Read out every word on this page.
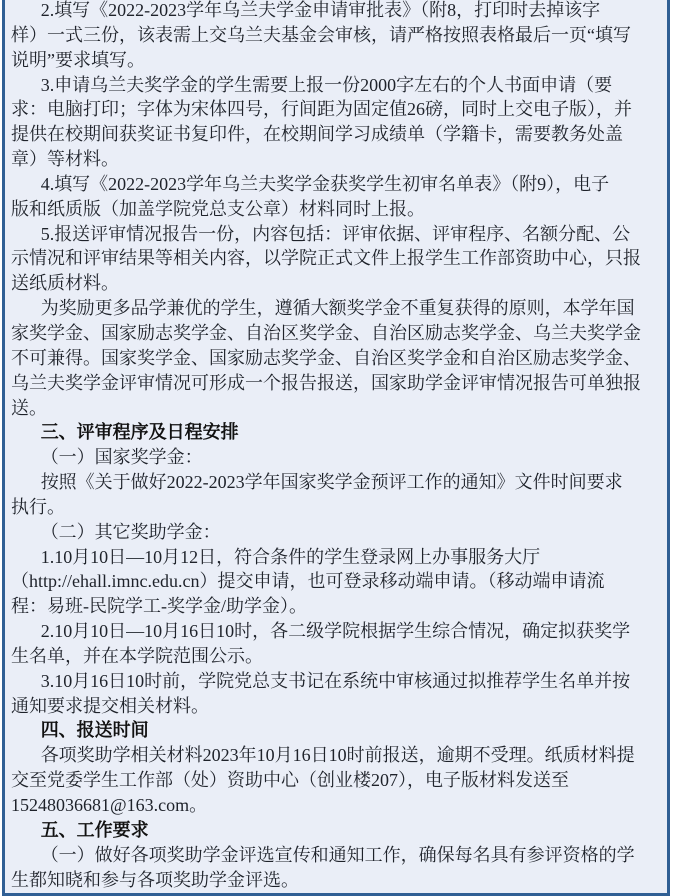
2.填写《2022-2023学年乌兰夫学金申请审批表》（附8，打印时去掉该字
样）一式三份，该表需上交乌兰夫基金会审核，请严格按照表格最后一页“填写
说明”要求填写。
3.申请乌兰夫奖学金的学生需要上报一份2000字左右的个人书面申请（要
求：电脑打印；字体为宋体四号，行间距为固定值26磅，同时上交电子版），并
提供在校期间获奖证书复印件，在校期间学习成绩单（学籍卡，需要教务处盖
章）等材料。
4.填写《2022-2023学年乌兰夫奖学金获奖学生初审名单表》（附9），电子
版和纸质版（加盖学院党总支公章）材料同时上报。
5.报送评审情况报告一份，内容包括：评审依据、评审程序、名额分配、公
示情况和评审结果等相关内容，以学院正式文件上报学生工作部资助中心，只报
送纸质材料。
为奖励更多品学兼优的学生，遵循大额奖学金不重复获得的原则，本学年国
家奖学金、国家励志奖学金、自治区奖学金、自治区励志奖学金、乌兰夫奖学金
不可兼得。国家奖学金、国家励志奖学金、自治区奖学金和自治区励志奖学金、
乌兰夫奖学金评审情况可形成一个报告报送，国家助学金评审情况报告可单独报
送。
三、评审程序及日程安排
（一）国家奖学金：
按照《关于做好2022-2023学年国家奖学金预评工作的通知》文件时间要求
执行。
（二）其它奖助学金：
1.10月10日—10月12日，符合条件的学生登录网上办事服务大厅
（http://ehall.imnc.edu.cn）提交申请，也可登录移动端申请。（移动端申请流
程：易班-民院学工-奖学金/助学金）。
2.10月10日—10月16日10时，各二级学院根据学生综合情况，确定拟获奖学
生名单，并在本学院范围公示。
3.10月16日10时前，学院党总支书记在系统中审核通过拟推荐学生名单并按
通知要求提交相关材料。
四、报送时间
各项奖助学相关材料2023年10月16日10时前报送，逾期不受理。纸质材料提
交至党委学生工作部（处）资助中心（创业楼207），电子版材料发送至
15248036681@163.com。
五、工作要求
（一）做好各项奖助学金评选宣传和通知工作，确保每名具有参评资格的学
生都知晓和参与各项奖助学金评选。
